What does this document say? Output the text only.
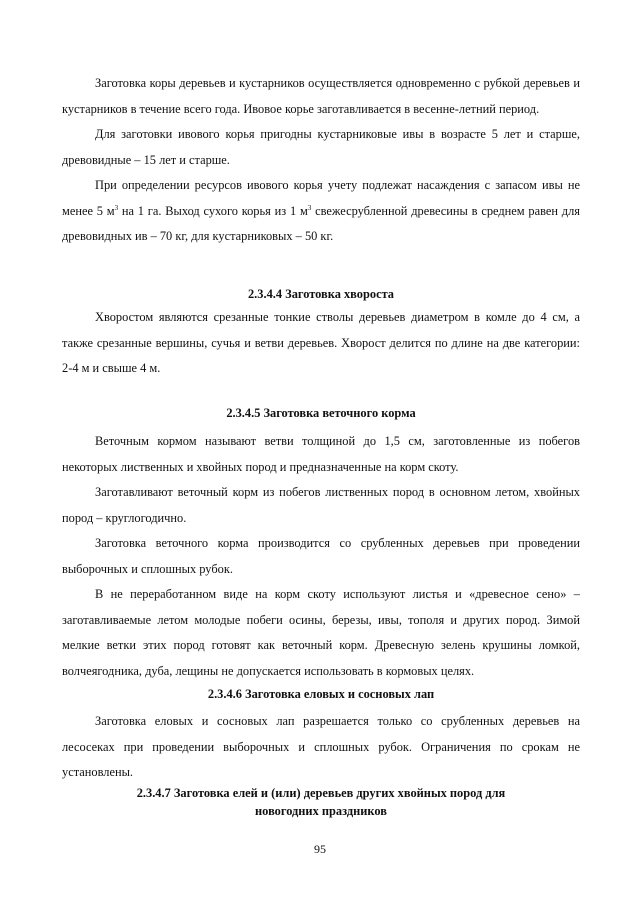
Заготовка коры деревьев и кустарников осуществляется одновременно с рубкой деревьев и кустарников в течение всего года. Ивовое корье заготавливается в весенне-летний период.

Для заготовки ивового корья пригодны кустарниковые ивы в возрасте 5 лет и старше, древовидные – 15 лет и старше.

При определении ресурсов ивового корья учету подлежат насаждения с запасом ивы не менее 5 $м^3$ на 1 га. Выход сухого корья из 1 $м^3$ свежесрубленной древесины в среднем равен для древовидных ив – 70 кг, для кустарниковых – 50 кг.

2.3.4.4 Заготовка хвороста

Хворостом являются срезанные тонкие стволы деревьев диаметром в комле до 4 см, а также срезанные вершины, сучья и ветви деревьев. Хворост делится по длине на две категории: 2-4 м и свыше 4 м.

2.3.4.5 Заготовка веточного корма

Веточным кормом называют ветви толщиной до 1,5 см, заготовленные из побегов некоторых лиственных и хвойных пород и предназначенные на корм скоту.

Заготавливают веточный корм из побегов лиственных пород в основном летом, хвойных пород – круглогодично.

Заготовка веточного корма производится со срубленных деревьев при проведении выборочных и сплошных рубок.

В не переработанном виде на корм скоту используют листья и «древесное сено» – заготавливаемые летом молодые побеги осины, березы, ивы, тополя и других пород. Зимой мелкие ветки этих пород готовят как веточный корм. Древесную зелень крушины ломкой, волчеягодника, дуба, лещины не допускается использовать в кормовых целях.

2.3.4.6 Заготовка еловых и сосновых лап

Заготовка еловых и сосновых лап разрешается только со срубленных деревьев на лесосеках при проведении выборочных и сплошных рубок. Ограничения по срокам не установлены.

2.3.4.7 Заготовка елей и (или) деревьев других хвойных пород для
новогодних праздников
95
